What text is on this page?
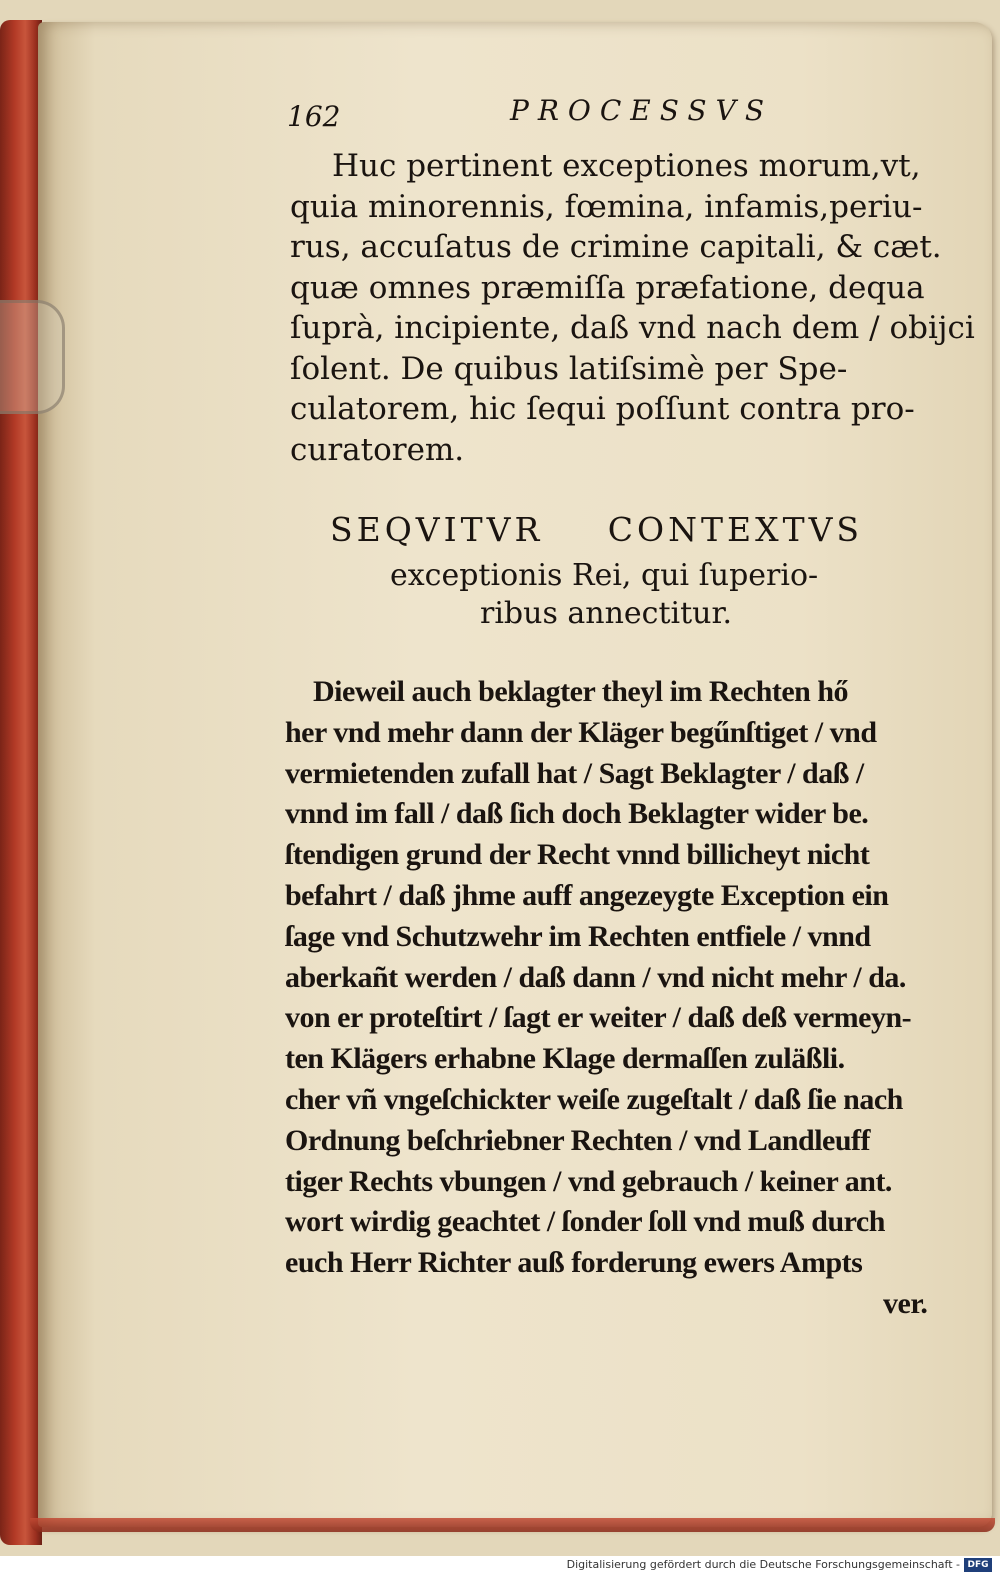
162	PROCESSVS
Huc pertinent exceptiones morum,vt,
quia minorennis, fœmina, infamis,periu-
rus, accuſatus de crimine capitali, & cæt.
quæ omnes præmiſſa præfatione, dequa
ſuprà, incipiente, daß vnd nach dem / obijci
ſolent. De quibus latiſsimè per Spe-
culatorem, hic ſequi poſſunt contra pro-
curatorem.
SEQVITVR CONTEXTVS
exceptionis Rei, qui ſuperio-
ribus annectitur.
Dieweil auch beklagter theyl im Rechten hő
her vnd mehr dann der Kläger begűnſtiget / vnd
vermietenden zufall hat / Sagt Beklagter / daß /
vnnd im fall / daß ſich doch Beklagter wider be.
ſtendigen grund der Recht vnnd billicheyt nicht
befahrt / daß jhme auff angezeygte Exception ein
ſage vnd Schutzwehr im Rechten entfiele / vnnd
aberkañt werden / daß dann / vnd nicht mehr / da.
von er proteſtirt / ſagt er weiter / daß deß vermeyn-
ten Klägers erhabne Klage dermaſſen zuläßli.
cher vñ vngeſchickter weiſe zugeſtalt / daß ſie nach
Ordnung beſchriebner Rechten / vnd Landleuff
tiger Rechts vbungen / vnd gebrauch / keiner ant.
wort wirdig geachtet / ſonder ſoll vnd muß durch
euch Herr Richter auß forderung ewers Ampts
ver.
Digitalisierung gefördert durch die Deutsche Forschungsgemeinschaft - DFG
